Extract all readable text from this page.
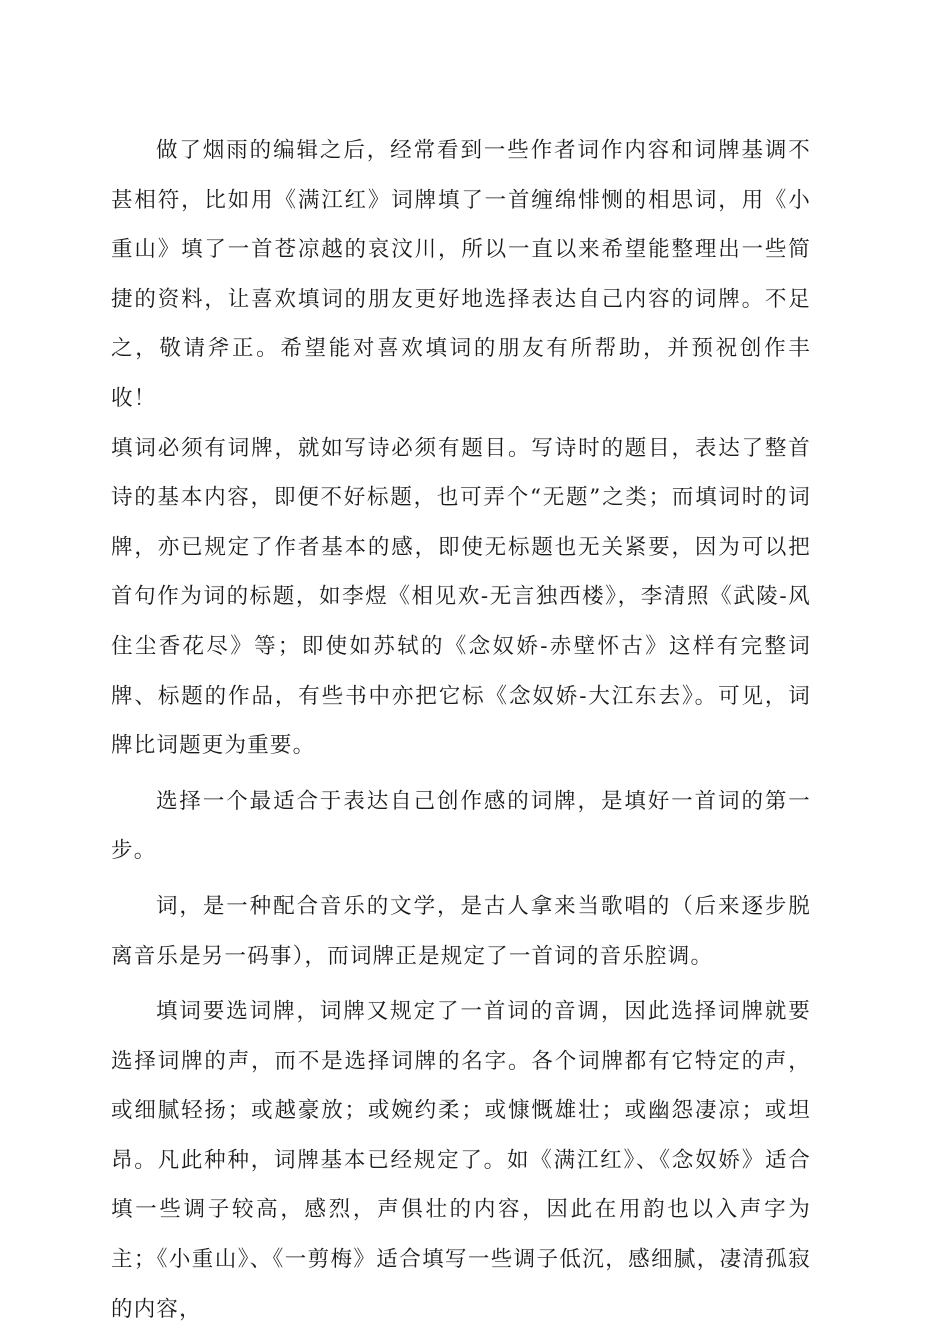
做了烟雨的编辑之后，经常看到一些作者词作内容和词牌基调不甚相符，比如用《满江红》词牌填了一首缠绵悱恻的相思词，用《小重山》填了一首苍凉越的哀汶川，所以一直以来希望能整理出一些简捷的资料，让喜欢填词的朋友更好地选择表达自己内容的词牌。不足之，敬请斧正。希望能对喜欢填词的朋友有所帮助，并预祝创作丰收！

填词必须有词牌，就如写诗必须有题目。写诗时的题目，表达了整首诗的基本内容，即便不好标题，也可弄个“无题”之类；而填词时的词牌，亦已规定了作者基本的感，即使无标题也无关紧要，因为可以把首句作为词的标题，如李煜《相见欢-无言独西楼》，李清照《武陵-风住尘香花尽》等；即使如苏轼的《念奴娇-赤壁怀古》这样有完整词牌、标题的作品，有些书中亦把它标《念奴娇-大江东去》。可见，词牌比词题更为重要。

选择一个最适合于表达自己创作感的词牌，是填好一首词的第一步。

词，是一种配合音乐的文学，是古人拿来当歌唱的（后来逐步脱离音乐是另一码事），而词牌正是规定了一首词的音乐腔调。

填词要选词牌，词牌又规定了一首词的音调，因此选择词牌就要选择词牌的声，而不是选择词牌的名字。各个词牌都有它特定的声，或细腻轻扬；或越豪放；或婉约柔；或慷慨雄壮；或幽怨凄凉；或坦昂。凡此种种，词牌基本已经规定了。如《满江红》、《念奴娇》适合填一些调子较高，感烈，声俱壮的内容，因此在用韵也以入声字为主；《小重山》、《一剪梅》适合填写一些调子低沉，感细腻，凄清孤寂的内容，
